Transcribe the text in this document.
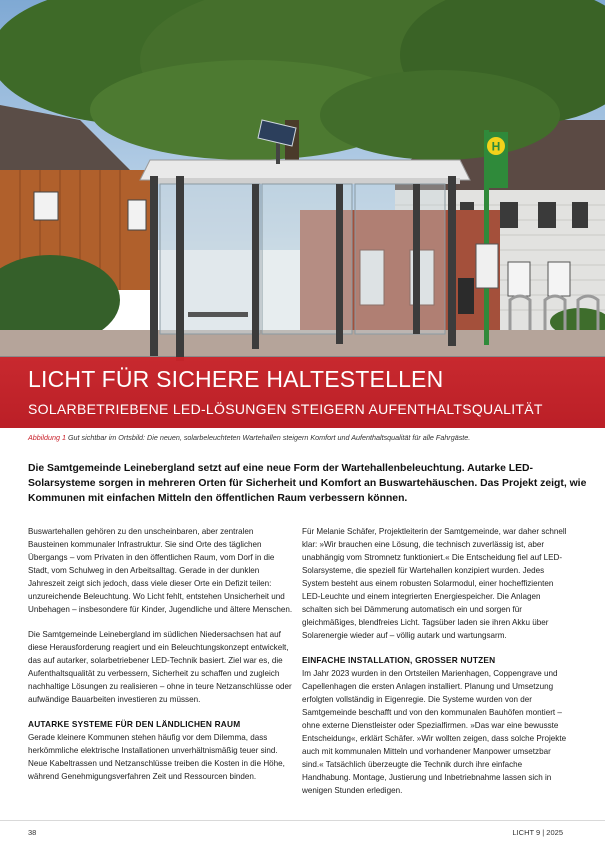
H
LICHT FÜR SICHERE HALTESTELLEN
SOLARBETRIEBENE LED-LÖSUNGEN STEIGERN AUFENTHALTSQUALITÄT
Abbildung 1 Gut sichtbar im Ortsbild: Die neuen, solarbeleuchteten Wartehallen steigern Komfort und Aufenthaltsqualität für alle Fahrgäste.

Die Samtgemeinde Leinebergland setzt auf eine neue Form der Wartehallenbeleuchtung. Autarke LED-Solarsysteme sorgen in mehreren Orten für Sicherheit und Komfort an Buswartehäuschen. Das Projekt zeigt, wie Kommunen mit einfachen Mitteln den öffentlichen Raum verbessern können.

Buswartehallen gehören zu den unscheinbaren, aber zentralen Bausteinen kommunaler Infrastruktur. Sie sind Orte des täglichen Übergangs – vom Privaten in den öffentlichen Raum, vom Dorf in die Stadt, vom Schulweg in den Arbeitsalltag. Gerade in der dunklen Jahreszeit zeigt sich jedoch, dass viele dieser Orte ein Defizit teilen: unzureichende Beleuchtung. Wo Licht fehlt, entstehen Unsicherheit und Unbehagen – insbesondere für Kinder, Jugendliche und ältere Menschen.

Die Samtgemeinde Leinebergland im südlichen Niedersachsen hat auf diese Herausforderung reagiert und ein Beleuchtungskonzept entwickelt, das auf autarker, solarbetriebener LED-Technik basiert. Ziel war es, die Aufenthaltsqualität zu verbessern, Sicherheit zu schaffen und zugleich nachhaltige Lösungen zu realisieren – ohne in teure Netzanschlüsse oder aufwändige Bauarbeiten investieren zu müssen.

AUTARKE SYSTEME FÜR DEN LÄNDLICHEN RAUM

Gerade kleinere Kommunen stehen häufig vor dem Dilemma, dass herkömmliche elektrische Installationen unverhältnismäßig teuer sind. Neue Kabeltrassen und Netzanschlüsse treiben die Kosten in die Höhe, während Genehmigungsverfahren Zeit und Ressourcen binden.

Für Melanie Schäfer, Projektleiterin der Samtgemeinde, war daher schnell klar: »Wir brauchen eine Lösung, die technisch zuverlässig ist, aber unabhängig vom Stromnetz funktioniert.« Die Entscheidung fiel auf LED-Solarsysteme, die speziell für Wartehallen konzipiert wurden. Jedes System besteht aus einem robusten Solarmodul, einer hocheffizienten LED-Leuchte und einem integrierten Energiespeicher. Die Anlagen schalten sich bei Dämmerung automatisch ein und sorgen für gleichmäßiges, blendfreies Licht. Tagsüber laden sie ihren Akku über Solarenergie wieder auf – völlig autark und wartungsarm.

EINFACHE INSTALLATION, GROSSER NUTZEN

Im Jahr 2023 wurden in den Ortsteilen Marienhagen, Coppengrave und Capellenhagen die ersten Anlagen installiert. Planung und Umsetzung erfolgten vollständig in Eigenregie. Die Systeme wurden von der Samtgemeinde beschafft und von den kommunalen Bauhöfen montiert – ohne externe Dienstleister oder Spezialfirmen. »Das war eine bewusste Entscheidung«, erklärt Schäfer. »Wir wollten zeigen, dass solche Projekte auch mit kommunalen Mitteln und vorhandener Manpower umsetzbar sind.« Tatsächlich überzeugte die Technik durch ihre einfache Handhabung. Montage, Justierung und Inbetriebnahme lassen sich in wenigen Stunden erledigen.

38	LICHT 9 | 2025
